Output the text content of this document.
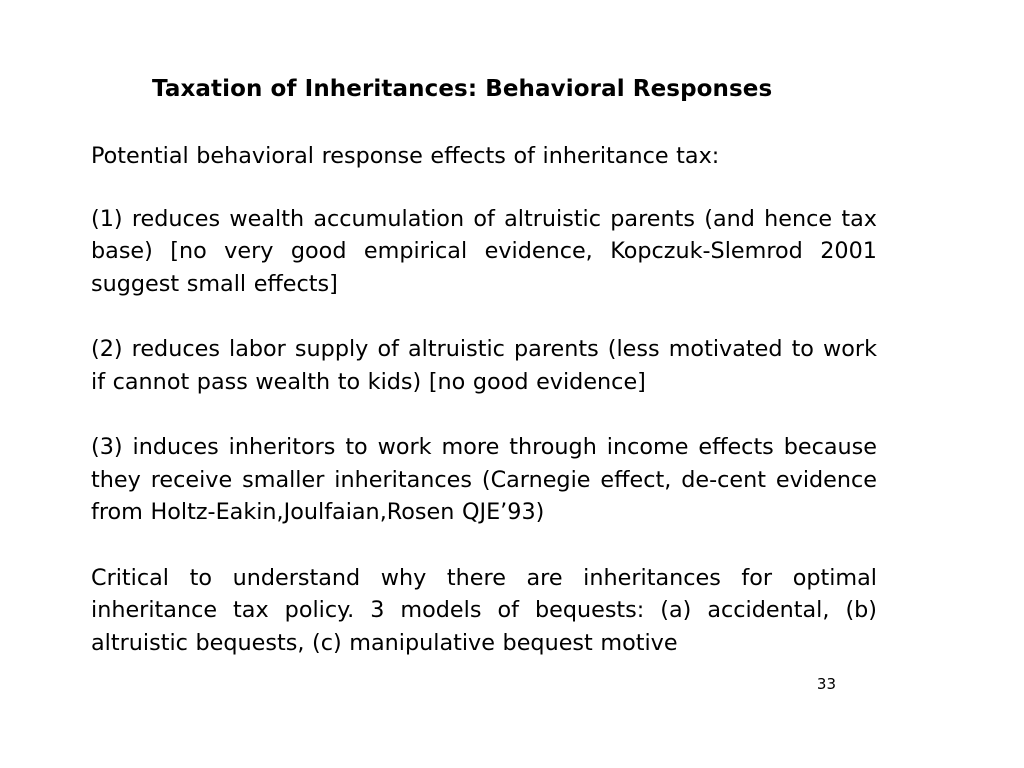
Taxation of Inheritances: Behavioral Responses

Potential behavioral response effects of inheritance tax:

(1) reduces wealth accumulation of altruistic parents (and hence tax base) [no very good empirical evidence, Kopczuk-Slemrod 2001 suggest small effects]

(2) reduces labor supply of altruistic parents (less motivated to work if cannot pass wealth to kids) [no good evidence]

(3) induces inheritors to work more through income effects because they receive smaller inheritances (Carnegie effect, de-cent evidence from Holtz-Eakin,Joulfaian,Rosen QJE’93)

Critical to understand why there are inheritances for optimal inheritance tax policy. 3 models of bequests: (a) accidental, (b) altruistic bequests, (c) manipulative bequest motive

33
